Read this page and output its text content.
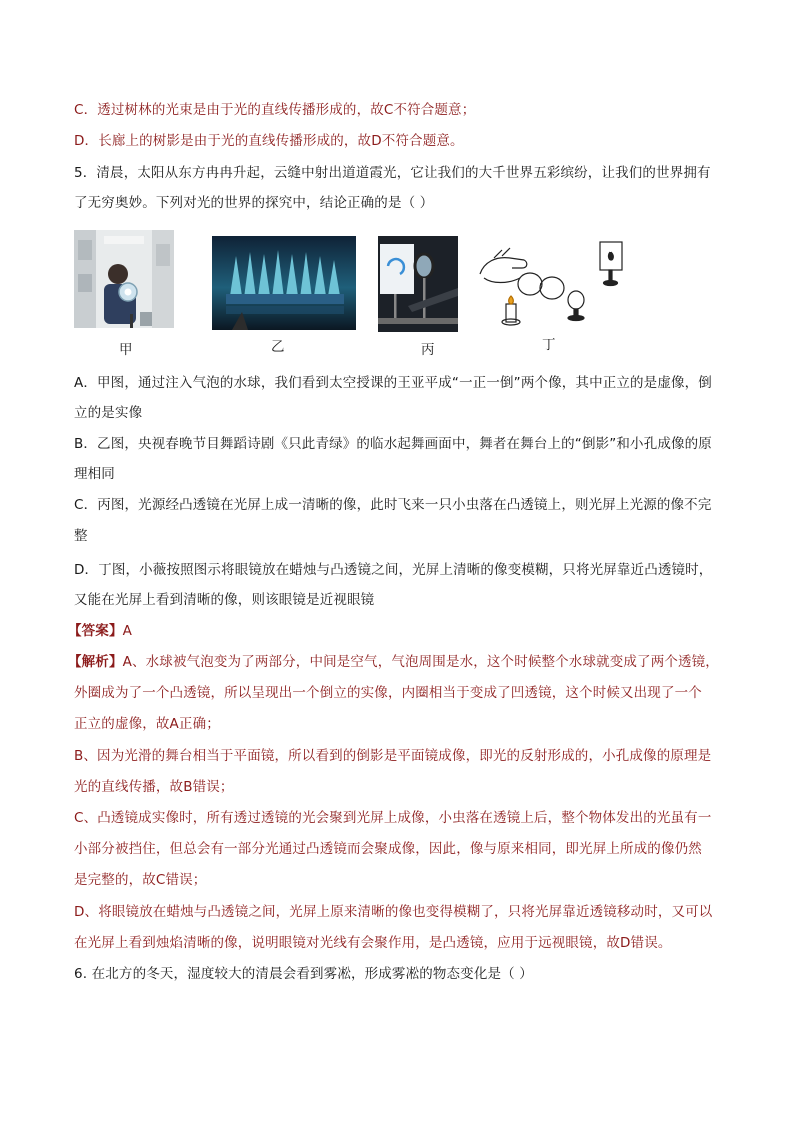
C．透过树林的光束是由于光的直线传播形成的，故C不符合题意；
D．长廊上的树影是由于光的直线传播形成的，故D不符合题意。
5．清晨，太阳从东方冉冉升起，云缝中射出道道霞光，它让我们的大千世界五彩缤纷，让我们的世界拥有
了无穷奥妙。下列对光的世界的探究中，结论正确的是（ ）
甲	乙	丙	丁
A．甲图，通过注入气泡的水球，我们看到太空授课的王亚平成“一正一倒”两个像，其中正立的是虚像，倒
立的是实像
B．乙图，央视春晚节目舞蹈诗剧《只此青绿》的临水起舞画面中，舞者在舞台上的“倒影”和小孔成像的原
理相同
C．丙图，光源经凸透镜在光屏上成一清晰的像，此时飞来一只小虫落在凸透镜上，则光屏上光源的像不完
整
D．丁图，小薇按照图示将眼镜放在蜡烛与凸透镜之间，光屏上清晰的像变模糊，只将光屏靠近凸透镜时，
又能在光屏上看到清晰的像，则该眼镜是近视眼镜
【答案】A
【解析】A、水球被气泡变为了两部分，中间是空气，气泡周围是水，这个时候整个水球就变成了两个透镜，
外圈成为了一个凸透镜，所以呈现出一个倒立的实像，内圈相当于变成了凹透镜，这个时候又出现了一个
正立的虚像，故A正确；
B、因为光滑的舞台相当于平面镜，所以看到的倒影是平面镜成像，即光的反射形成的，小孔成像的原理是
光的直线传播，故B错误；
C、凸透镜成实像时，所有透过透镜的光会聚到光屏上成像，小虫落在透镜上后，整个物体发出的光虽有一
小部分被挡住，但总会有一部分光通过凸透镜而会聚成像，因此，像与原来相同，即光屏上所成的像仍然
是完整的，故C错误；
D、将眼镜放在蜡烛与凸透镜之间，光屏上原来清晰的像也变得模糊了，只将光屏靠近透镜移动时，又可以
在光屏上看到烛焰清晰的像，说明眼镜对光线有会聚作用，是凸透镜，应用于远视眼镜，故D错误。
6. 在北方的冬天，湿度较大的清晨会看到雾凇，形成雾凇的物态变化是（ ）
